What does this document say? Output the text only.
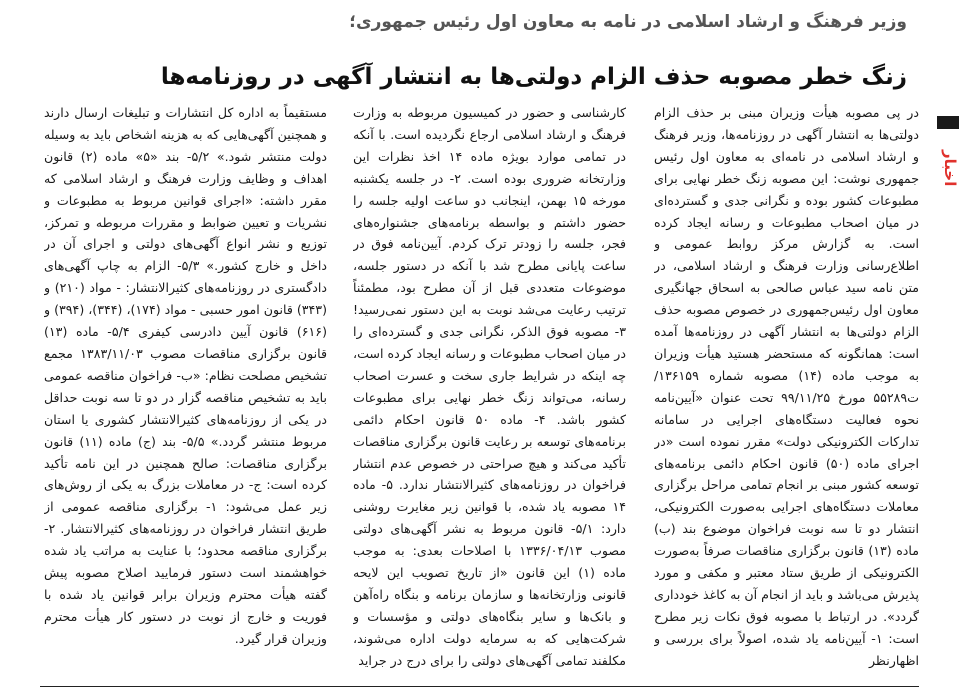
وزیر فرهنگ و ارشاد اسلامی در نامه به معاون اول رئیس جمهوری؛
زنگ خطر مصوبه حذف الزام دولتی‌ها به انتشار آگهی در روزنامه‌ها
اخبار

در پی مصوبه هیأت وزیران مبنی بر حذف الزام دولتی‌ها به انتشار آگهی در روزنامه‌ها، وزیر فرهنگ و ارشاد اسلامی در نامه‌ای به معاون اول رئیس جمهوری نوشت: این مصوبه زنگ خطر نهایی برای مطبوعات کشور بوده و نگرانی جدی و گسترده‌ای در میان اصحاب مطبوعات و رسانه ایجاد کرده است. به گزارش مرکز روابط عمومی و اطلاع‌رسانی وزارت فرهنگ و ارشاد اسلامی، در متن نامه سید عباس صالحی به اسحاق جهانگیری معاون اول رئیس‌جمهوری در خصوص مصوبه حذف الزام دولتی‌ها به انتشار آگهی در روزنامه‌ها آمده است: همانگونه که مستحضر هستید هیأت وزیران به موجب ماده (۱۴) مصوبه شماره ۱۳۶۱۵۹/ت۵۵۲۸۹ مورخ ۹۹/۱۱/۲۵ تحت عنوان «آیین‌نامه نحوه فعالیت دستگاه‌های اجرایی در سامانه تدارکات الکترونیکی دولت» مقرر نموده است «در اجرای ماده (۵۰) قانون احکام دائمی برنامه‌های توسعه کشور مبنی بر انجام تمامی مراحل برگزاری معاملات دستگاه‌های اجرایی به‌صورت الکترونیکی، انتشار دو تا سه نوبت فراخوان موضوع بند (ب) ماده (۱۳) قانون برگزاری مناقصات صرفاً به‌صورت الکترونیکی از طریق ستاد معتبر و مکفی و مورد پذیرش می‌باشد و باید از انجام آن به کاغذ خودداری گردد». در ارتباط با مصوبه فوق نکات زیر مطرح است: ۱- آیین‌نامه یاد شده، اصولاً برای بررسی و اظهارنظر

کارشناسی و حضور در کمیسیون مربوطه به وزارت فرهنگ و ارشاد اسلامی ارجاع نگردیده است. با آنکه در تمامی موارد بویژه ماده ۱۴ اخذ نظرات این وزارتخانه ضروری بوده است. ۲- در جلسه یکشنبه مورخه ۱۵ بهمن، اینجانب دو ساعت اولیه جلسه را حضور داشتم و بواسطه برنامه‌های جشنواره‌های فجر، جلسه را زودتر ترک کردم. آیین‌نامه فوق در ساعت پایانی مطرح شد با آنکه در دستور جلسه، موضوعات متعددی قبل از آن مطرح بود، مطمئناً ترتیب رعایت می‌شد نوبت به این دستور نمی‌رسید! ۳- مصوبه فوق الذکر، نگرانی جدی و گسترده‌ای را در میان اصحاب مطبوعات و رسانه ایجاد کرده است، چه اینکه در شرایط جاری سخت و عسرت اصحاب رسانه، می‌تواند زنگ خطر نهایی برای مطبوعات کشور باشد. ۴- ماده ۵۰ قانون احکام دائمی برنامه‌های توسعه بر رعایت قانون برگزاری مناقصات تأکید می‌کند و هیچ صراحتی در خصوص عدم انتشار فراخوان در روزنامه‌های کثیرالانتشار ندارد. ۵- ماده ۱۴ مصوبه یاد شده، با قوانین زیر مغایرت روشنی دارد: ۵/۱- قانون مربوط به نشر آگهی‌های دولتی مصوب ۱۳۳۶/۰۴/۱۳ با اصلاحات بعدی: به موجب ماده (۱) این قانون «از تاریخ تصویب این لایحه قانونی وزارتخانه‌ها و سازمان برنامه و بنگاه راه‌آهن و بانک‌ها و سایر بنگاه‌های دولتی و مؤسسات و شرکت‌هایی که به سرمایه دولت اداره می‌شوند، مکلفند تمامی آگهی‌های دولتی را برای درج در جراید

مستقیماً به اداره کل انتشارات و تبلیغات ارسال دارند و همچنین آگهی‌هایی که به هزینه اشخاص باید به وسیله دولت منتشر شود.» ۵/۲- بند «۵» ماده (۲) قانون اهداف و وظایف وزارت فرهنگ و ارشاد اسلامی که مقرر داشته: «اجرای قوانین مربوط به مطبوعات و نشریات و تعیین ضوابط و مقررات مربوطه و تمرکز، توزیع و نشر انواع آگهی‌های دولتی و اجرای آن در داخل و خارج کشور.» ۵/۳- الزام به چاپ آگهی‌های دادگستری در روزنامه‌های کثیرالانتشار: - مواد (۲۱۰) و (۳۴۳) قانون امور حسبی - مواد (۱۷۴)، (۳۴۴)، (۳۹۴) و (۶۱۶) قانون آیین دادرسی کیفری ۵/۴- ماده (۱۳) قانون برگزاری مناقصات مصوب ۱۳۸۳/۱۱/۰۳ مجمع تشخیص مصلحت نظام: «ب- فراخوان مناقصه عمومی باید به تشخیص مناقصه گزار در دو تا سه نوبت حداقل در یکی از روزنامه‌های کثیرالانتشار کشوری یا استان مربوط منتشر گردد.» ۵/۵- بند (ج) ماده (۱۱) قانون برگزاری مناقصات: صالح همچنین در این نامه تأکید کرده است: ج- در معاملات بزرگ به یکی از روش‌های زیر عمل می‌شود: ۱- برگزاری مناقصه عمومی از طریق انتشار فراخوان در روزنامه‌های کثیرالانتشار. ۲- برگزاری مناقصه محدود؛ با عنایت به مراتب یاد شده خواهشمند است دستور فرمایید اصلاح مصوبه پیش گفته هیأت محترم وزیران برابر قوانین یاد شده با فوریت و خارج از نوبت در دستور کار هیأت محترم وزیران قرار گیرد.
